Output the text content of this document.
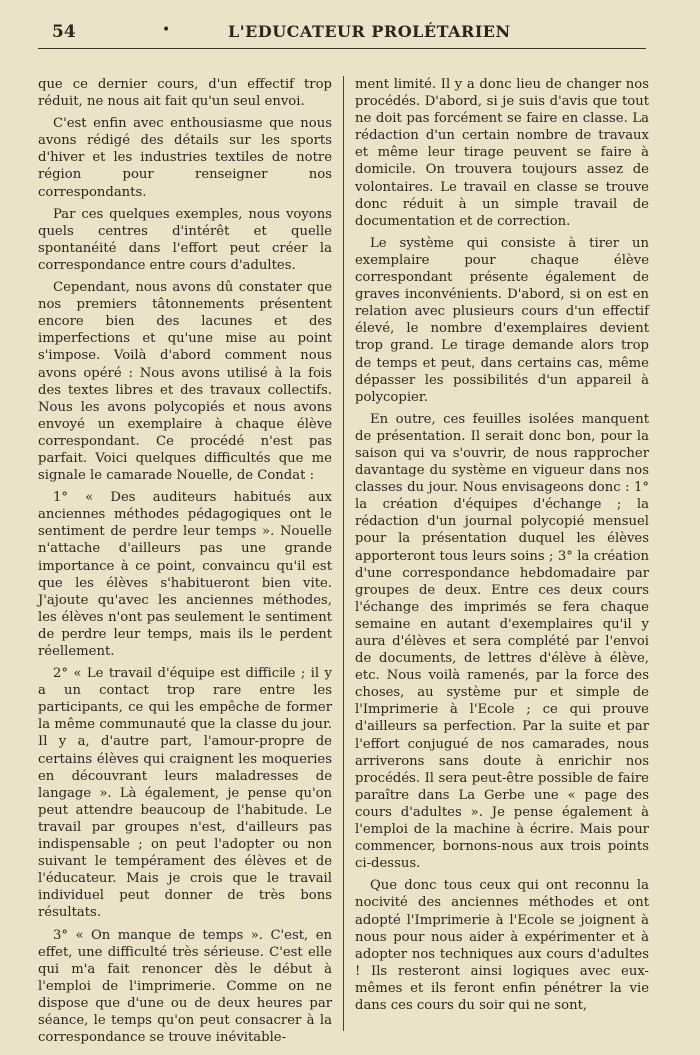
54	•	L'EDUCATEUR PROLÉTARIEN

que ce dernier cours, d'un effectif trop réduit, ne nous ait fait qu'un seul envoi.

C'est enfin avec enthousiasme que nous avons rédigé des détails sur les sports d'hiver et les industries textiles de notre région pour renseigner nos correspondants.

Par ces quelques exemples, nous voyons quels centres d'intérêt et quelle spontanéité dans l'effort peut créer la correspondance entre cours d'adultes.

Cependant, nous avons dû constater que nos premiers tâtonnements présentent encore bien des lacunes et des imperfections et qu'une mise au point s'impose. Voilà d'abord comment nous avons opéré : Nous avons utilisé à la fois des textes libres et des travaux collectifs. Nous les avons polycopiés et nous avons envoyé un exemplaire à chaque élève correspondant. Ce procédé n'est pas parfait. Voici quelques difficultés que me signale le camarade Nouelle, de Condat :

1° « Des auditeurs habitués aux anciennes méthodes pédagogiques ont le sentiment de perdre leur temps ». Nouelle n'attache d'ailleurs pas une grande importance à ce point, convaincu qu'il est que les élèves s'habitueront bien vite. J'ajoute qu'avec les anciennes méthodes, les élèves n'ont pas seulement le sentiment de perdre leur temps, mais ils le perdent réellement.

2° « Le travail d'équipe est difficile ; il y a un contact trop rare entre les participants, ce qui les empêche de former la même communauté que la classe du jour. Il y a, d'autre part, l'amour-propre de certains élèves qui craignent les moqueries en découvrant leurs maladresses de langage ». Là également, je pense qu'on peut attendre beaucoup de l'habitude. Le travail par groupes n'est, d'ailleurs pas indispensable ; on peut l'adopter ou non suivant le tempérament des élèves et de l'éducateur. Mais je crois que le travail individuel peut donner de très bons résultats.

3° « On manque de temps ». C'est, en effet, une difficulté très sérieuse. C'est elle qui m'a fait renoncer dès le début à l'emploi de l'imprimerie. Comme on ne dispose que d'une ou de deux heures par séance, le temps qu'on peut consacrer à la correspondance se trouve inévitable-

ment limité. Il y a donc lieu de changer nos procédés. D'abord, si je suis d'avis que tout ne doit pas forcément se faire en classe. La rédaction d'un certain nombre de travaux et même leur tirage peuvent se faire à domicile. On trouvera toujours assez de volontaires. Le travail en classe se trouve donc réduit à un simple travail de documentation et de correction.

Le système qui consiste à tirer un exemplaire pour chaque élève correspondant présente également de graves inconvénients. D'abord, si on est en relation avec plusieurs cours d'un effectif élevé, le nombre d'exemplaires devient trop grand. Le tirage demande alors trop de temps et peut, dans certains cas, même dépasser les possibilités d'un appareil à polycopier.

En outre, ces feuilles isolées manquent de présentation. Il serait donc bon, pour la saison qui va s'ouvrir, de nous rapprocher davantage du système en vigueur dans nos classes du jour. Nous envisageons donc : 1° la création d'équipes d'échange ; la rédaction d'un journal polycopié mensuel pour la présentation duquel les élèves apporteront tous leurs soins ; 3° la création d'une correspondance hebdomadaire par groupes de deux. Entre ces deux cours l'échange des imprimés se fera chaque semaine en autant d'exemplaires qu'il y aura d'élèves et sera complété par l'envoi de documents, de lettres d'élève à élève, etc. Nous voilà ramenés, par la force des choses, au système pur et simple de l'Imprimerie à l'Ecole ; ce qui prouve d'ailleurs sa perfection. Par la suite et par l'effort conjugué de nos camarades, nous arriverons sans doute à enrichir nos procédés. Il sera peut-être possible de faire paraître dans La Gerbe une « page des cours d'adultes ». Je pense également à l'emploi de la machine à écrire. Mais pour commencer, bornons-nous aux trois points ci-dessus.

Que donc tous ceux qui ont reconnu la nocivité des anciennes méthodes et ont adopté l'Imprimerie à l'Ecole se joignent à nous pour nous aider à expérimenter et à adopter nos techniques aux cours d'adultes ! Ils resteront ainsi logiques avec eux-mêmes et ils feront enfin pénétrer la vie dans ces cours du soir qui ne sont,
